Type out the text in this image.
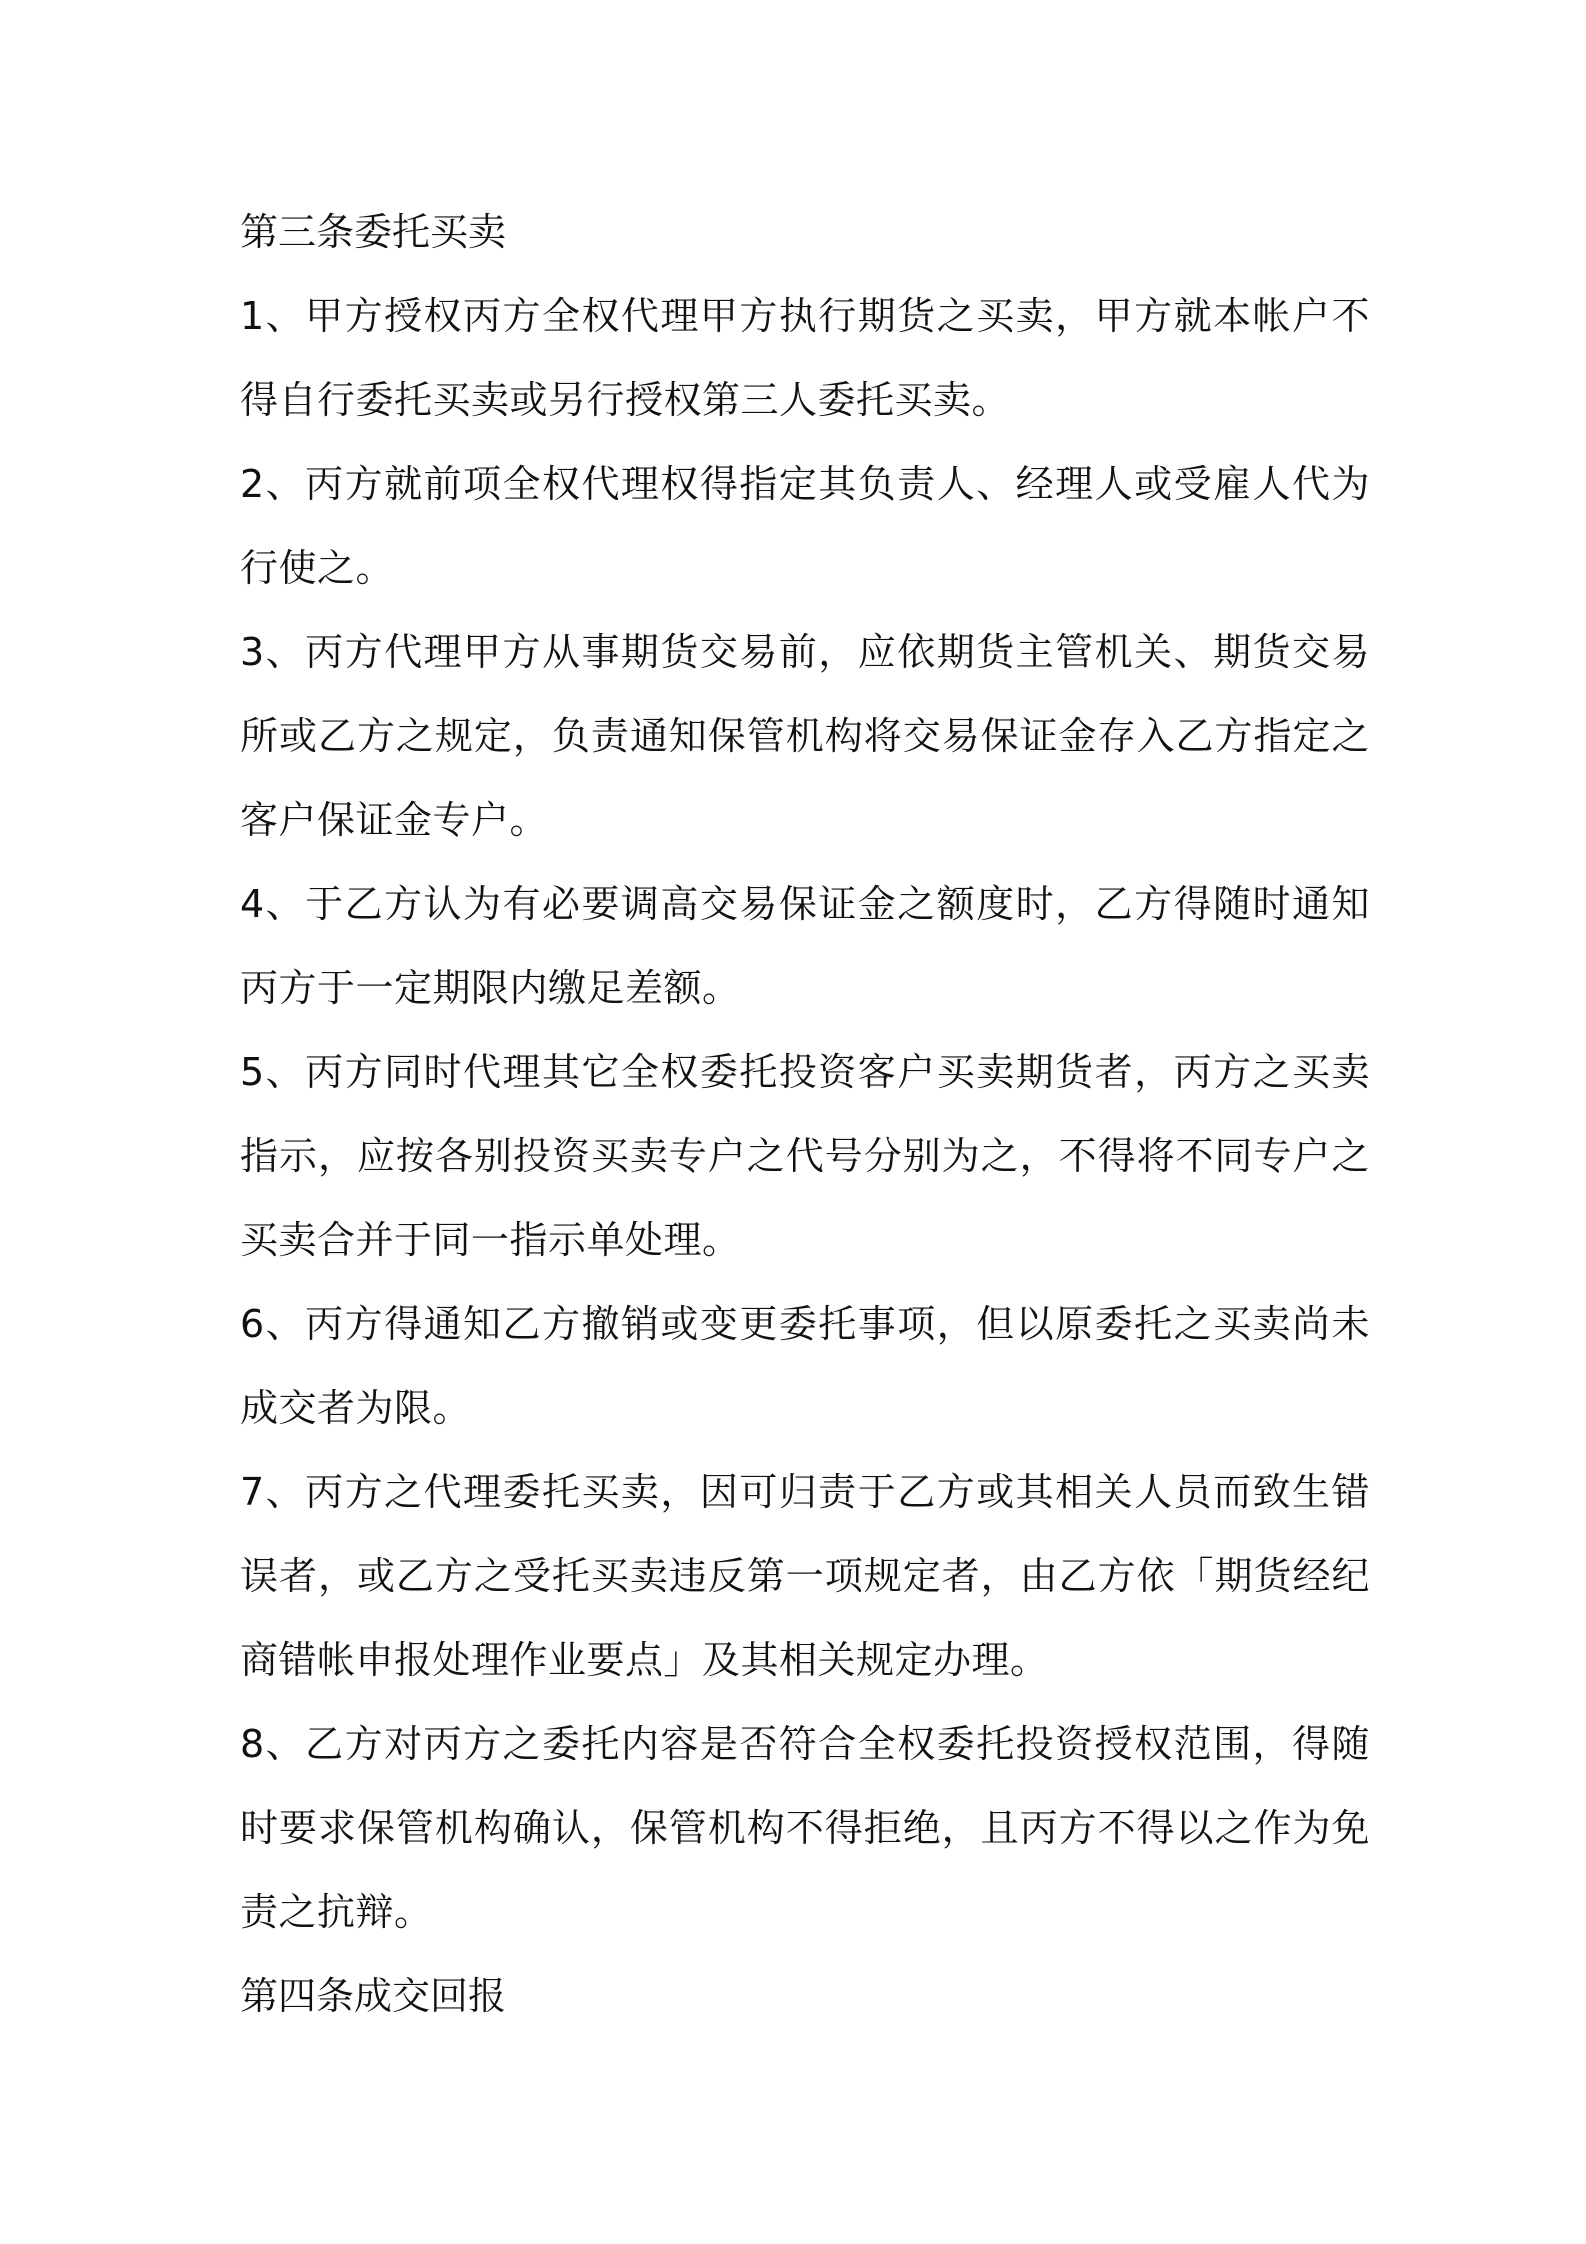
第三条委托买卖

1、甲方授权丙方全权代理甲方执行期货之买卖，甲方就本帐户不得自行委托买卖或另行授权第三人委托买卖。

2、丙方就前项全权代理权得指定其负责人、经理人或受雇人代为行使之。

3、丙方代理甲方从事期货交易前，应依期货主管机关、期货交易所或乙方之规定，负责通知保管机构将交易保证金存入乙方指定之客户保证金专户。

4、于乙方认为有必要调高交易保证金之额度时，乙方得随时通知丙方于一定期限内缴足差额。

5、丙方同时代理其它全权委托投资客户买卖期货者，丙方之买卖指示，应按各别投资买卖专户之代号分别为之，不得将不同专户之买卖合并于同一指示单处理。

6、丙方得通知乙方撤销或变更委托事项，但以原委托之买卖尚未成交者为限。

7、丙方之代理委托买卖，因可归责于乙方或其相关人员而致生错误者，或乙方之受托买卖违反第一项规定者，由乙方依「期货经纪商错帐申报处理作业要点」及其相关规定办理。

8、乙方对丙方之委托内容是否符合全权委托投资授权范围，得随时要求保管机构确认，保管机构不得拒绝，且丙方不得以之作为免责之抗辩。

第四条成交回报
